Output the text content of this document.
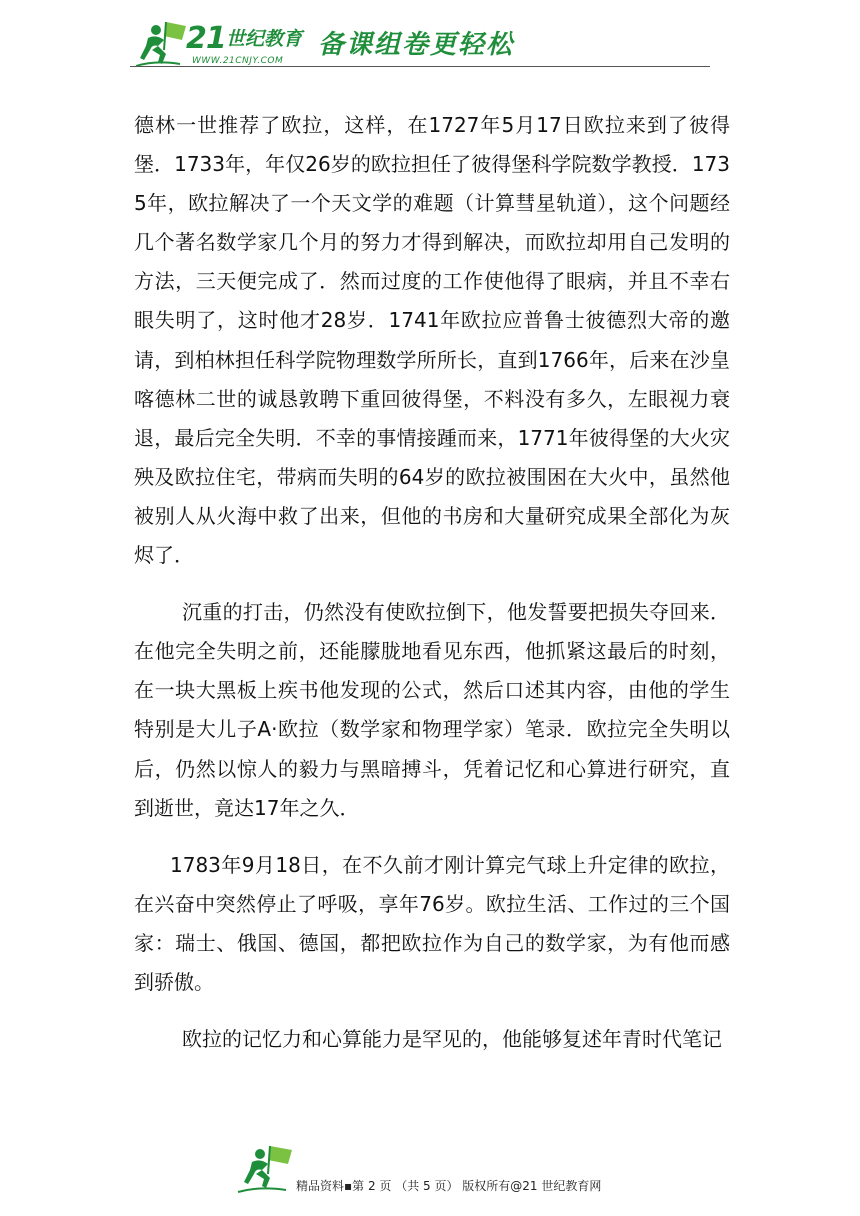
21 世纪教育
WWW.21CNJY.COM
备课组卷更轻松

德林一世推荐了欧拉，这样，在1727年5月17日欧拉来到了彼得堡．1733年，年仅26岁的欧拉担任了彼得堡科学院数学教授．1735年，欧拉解决了一个天文学的难题（计算彗星轨道），这个问题经几个著名数学家几个月的努力才得到解决，而欧拉却用自己发明的方法，三天便完成了．然而过度的工作使他得了眼病，并且不幸右眼失明了，这时他才28岁．1741年欧拉应普鲁士彼德烈大帝的邀请，到柏林担任科学院物理数学所所长，直到1766年，后来在沙皇喀德林二世的诚恳敦聘下重回彼得堡，不料没有多久，左眼视力衰退，最后完全失明．不幸的事情接踵而来，1771年彼得堡的大火灾殃及欧拉住宅，带病而失明的64岁的欧拉被围困在大火中，虽然他被别人从火海中救了出来，但他的书房和大量研究成果全部化为灰烬了．

沉重的打击，仍然没有使欧拉倒下，他发誓要把损失夺回来．在他完全失明之前，还能朦胧地看见东西，他抓紧这最后的时刻，在一块大黑板上疾书他发现的公式，然后口述其内容，由他的学生特别是大儿子A·欧拉（数学家和物理学家）笔录．欧拉完全失明以后，仍然以惊人的毅力与黑暗搏斗，凭着记忆和心算进行研究，直到逝世，竟达17年之久．

1783年9月18日，在不久前才刚计算完气球上升定律的欧拉，在兴奋中突然停止了呼吸，享年76岁。欧拉生活、工作过的三个国家：瑞士、俄国、德国，都把欧拉作为自己的数学家，为有他而感到骄傲。

欧拉的记忆力和心算能力是罕见的，他能够复述年青时代笔记

精品资料▪第 2 页 （共 5 页） 版权所有@21 世纪教育网
